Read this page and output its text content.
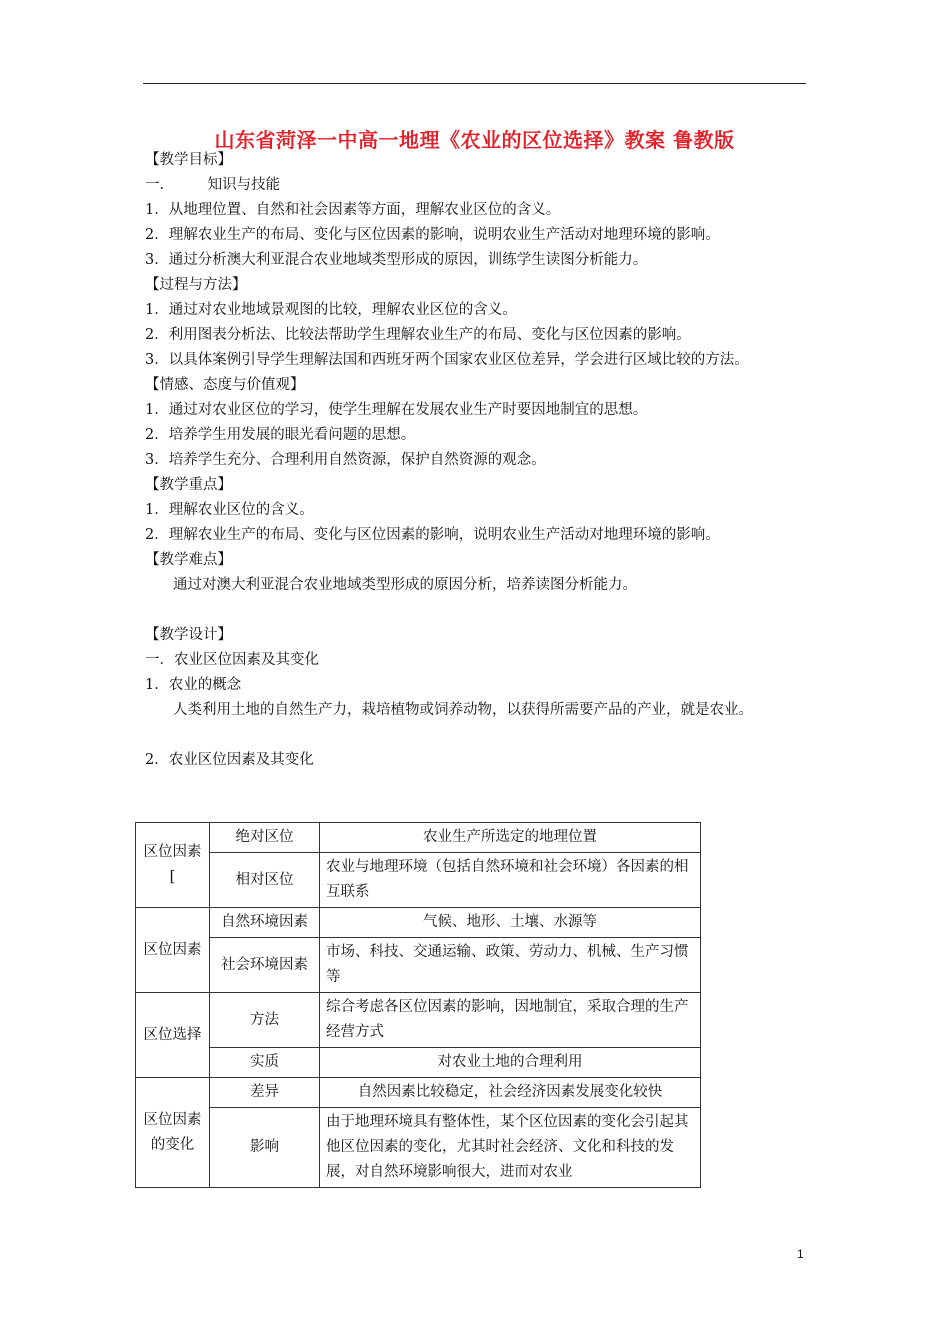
山东省菏泽一中高一地理《农业的区位选择》教案 鲁教版
【教学目标】
一.　　　知识与技能
1．从地理位置、自然和社会因素等方面，理解农业区位的含义。
2．理解农业生产的布局、变化与区位因素的影响，说明农业生产活动对地理环境的影响。
3．通过分析澳大利亚混合农业地域类型形成的原因，训练学生读图分析能力。
【过程与方法】
1．通过对农业地域景观图的比较，理解农业区位的含义。
2．利用图表分析法、比较法帮助学生理解农业生产的布局、变化与区位因素的影响。
3．以具体案例引导学生理解法国和西班牙两个国家农业区位差异，学会进行区域比较的方法。
【情感、态度与价值观】
1．通过对农业区位的学习，使学生理解在发展农业生产时要因地制宜的思想。
2．培养学生用发展的眼光看问题的思想。
3．培养学生充分、合理利用自然资源，保护自然资源的观念。
【教学重点】
1．理解农业区位的含义。
2．理解农业生产的布局、变化与区位因素的影响，说明农业生产活动对地理环境的影响。
【教学难点】
通过对澳大利亚混合农业地域类型形成的原因分析，培养读图分析能力。
【教学设计】
一．农业区位因素及其变化
1．农业的概念
人类利用土地的自然生产力，栽培植物或饲养动物，以获得所需要产品的产业，就是农业。
2．农业区位因素及其变化
区位因素[	绝对区位	农业生产所选定的地理位置
	相对区位	农业与地理环境（包括自然环境和社会环境）各因素的相互联系
区位因素	自然环境因素	气候、地形、土壤、水源等
	社会环境因素	市场、科技、交通运输、政策、劳动力、机械、生产习惯等
区位选择	方法	综合考虑各区位因素的影响，因地制宜，采取合理的生产经营方式
	实质	对农业土地的合理利用
区位因素的变化	差异	自然因素比较稳定，社会经济因素发展变化较快
	影响	由于地理环境具有整体性，某个区位因素的变化会引起其他区位因素的变化，尤其时社会经济、文化和科技的发展，对自然环境影响很大，进而对农业
1
